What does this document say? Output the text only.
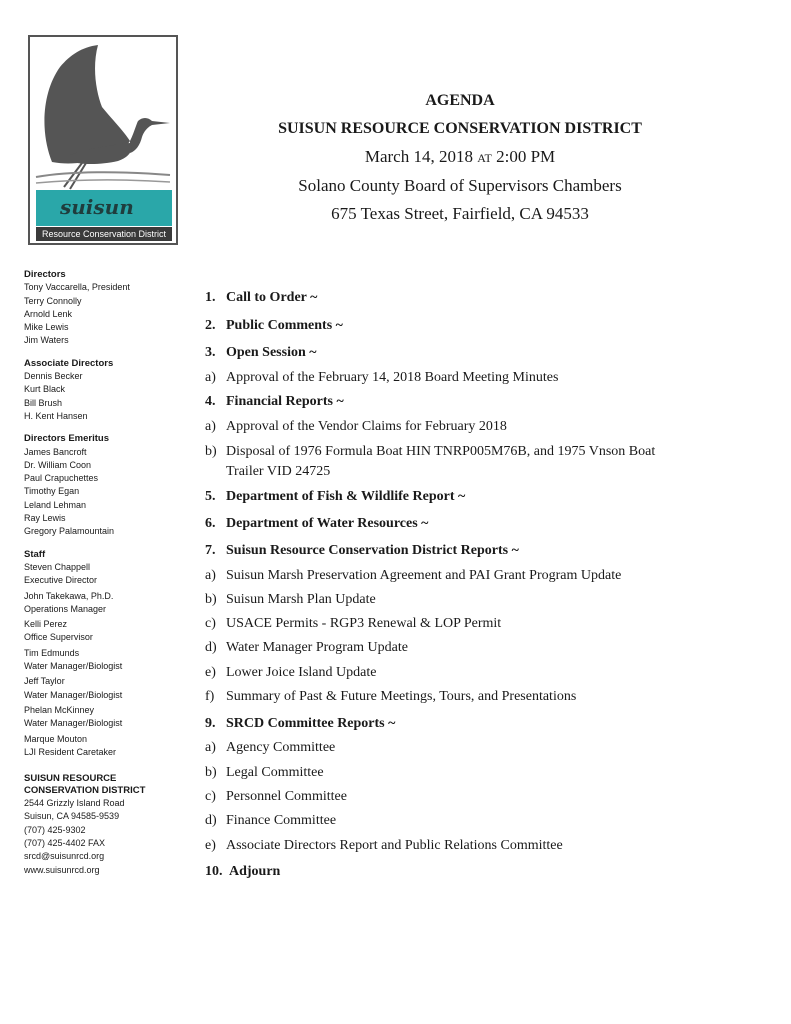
suisun
Resource Conservation District
AGENDA
SUISUN RESOURCE CONSERVATION DISTRICT
March 14, 2018 AT 2:00 PM
Solano County Board of Supervisors Chambers
675 Texas Street, Fairfield, CA 94533
Directors
Tony Vaccarella, President
Terry Connolly
Arnold Lenk
Mike Lewis
Jim Waters
Associate Directors
Dennis Becker
Kurt Black
Bill Brush
H. Kent Hansen
Directors Emeritus
James Bancroft
Dr. William Coon
Paul Crapuchettes
Timothy Egan
Leland Lehman
Ray Lewis
Gregory Palamountain
Staff
Steven Chappell
Executive Director
John Takekawa, Ph.D.
Operations Manager
Kelli Perez
Office Supervisor
Tim Edmunds
Water Manager/Biologist
Jeff Taylor
Water Manager/Biologist
Phelan McKinney
Water Manager/Biologist
Marque Mouton
LJI Resident Caretaker
SUISUN RESOURCE
CONSERVATION DISTRICT
2544 Grizzly Island Road
Suisun, CA 94585-9539
(707) 425-9302
(707) 425-4402 FAX
srcd@suisunrcd.org
www.suisunrcd.org
1. Call to Order ~
2. Public Comments ~
3. Open Session ~
a) Approval of the February 14, 2018 Board Meeting Minutes
4. Financial Reports ~
a) Approval of the Vendor Claims for February 2018
b) Disposal of 1976 Formula Boat HIN TNRP005M76B, and 1975 Vnson Boat Trailer VID 24725
5. Department of Fish & Wildlife Report ~
6. Department of Water Resources ~
7. Suisun Resource Conservation District Reports ~
a) Suisun Marsh Preservation Agreement and PAI Grant Program Update
b) Suisun Marsh Plan Update
c) USACE Permits - RGP3 Renewal & LOP Permit
d) Water Manager Program Update
e) Lower Joice Island Update
f) Summary of Past & Future Meetings, Tours, and Presentations
9. SRCD Committee Reports ~
a) Agency Committee
b) Legal Committee
c) Personnel Committee
d) Finance Committee
e) Associate Directors Report and Public Relations Committee
10. Adjourn
